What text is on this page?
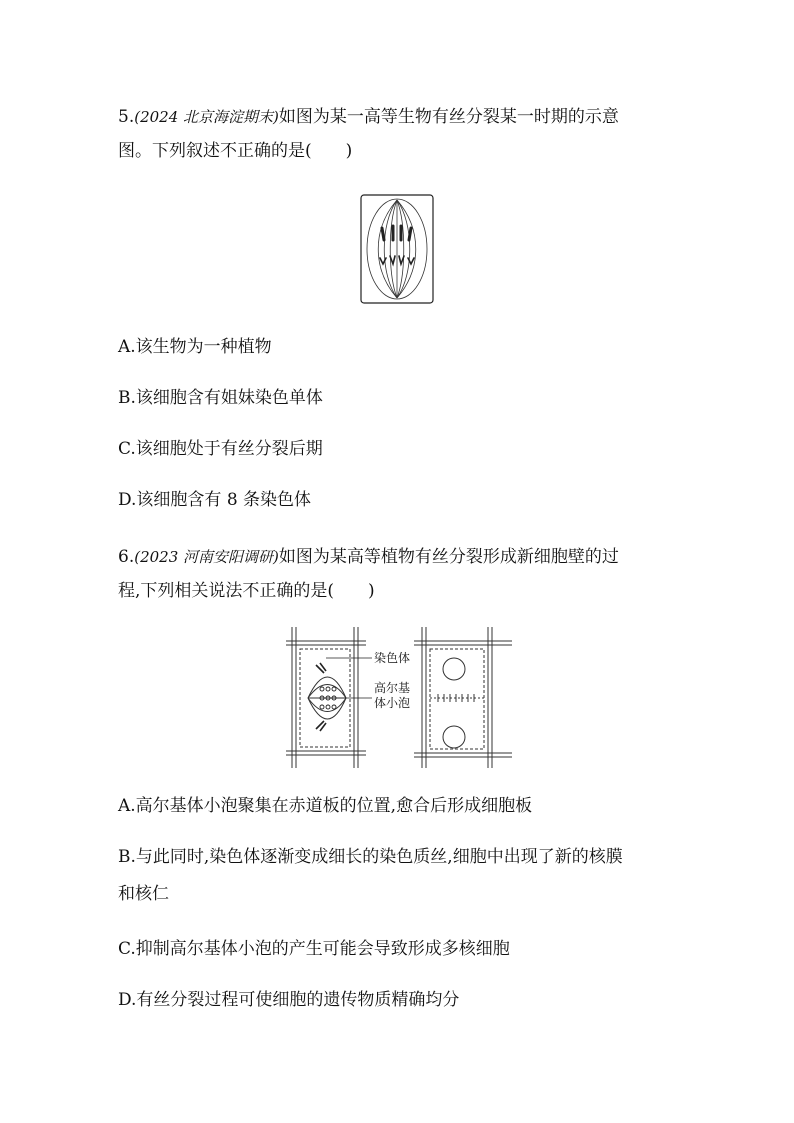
5.(2024 北京海淀期末)如图为某一高等生物有丝分裂某一时期的示意
图。下列叙述不正确的是(　　)
A.该生物为一种植物
B.该细胞含有姐妹染色单体
C.该细胞处于有丝分裂后期
D.该细胞含有 8 条染色体
6.(2023 河南安阳调研)如图为某高等植物有丝分裂形成新细胞壁的过
程,下列相关说法不正确的是(　　)
染色体
高尔基
体小泡
A.高尔基体小泡聚集在赤道板的位置,愈合后形成细胞板
B.与此同时,染色体逐渐变成细长的染色质丝,细胞中出现了新的核膜
和核仁
C.抑制高尔基体小泡的产生可能会导致形成多核细胞
D.有丝分裂过程可使细胞的遗传物质精确均分
